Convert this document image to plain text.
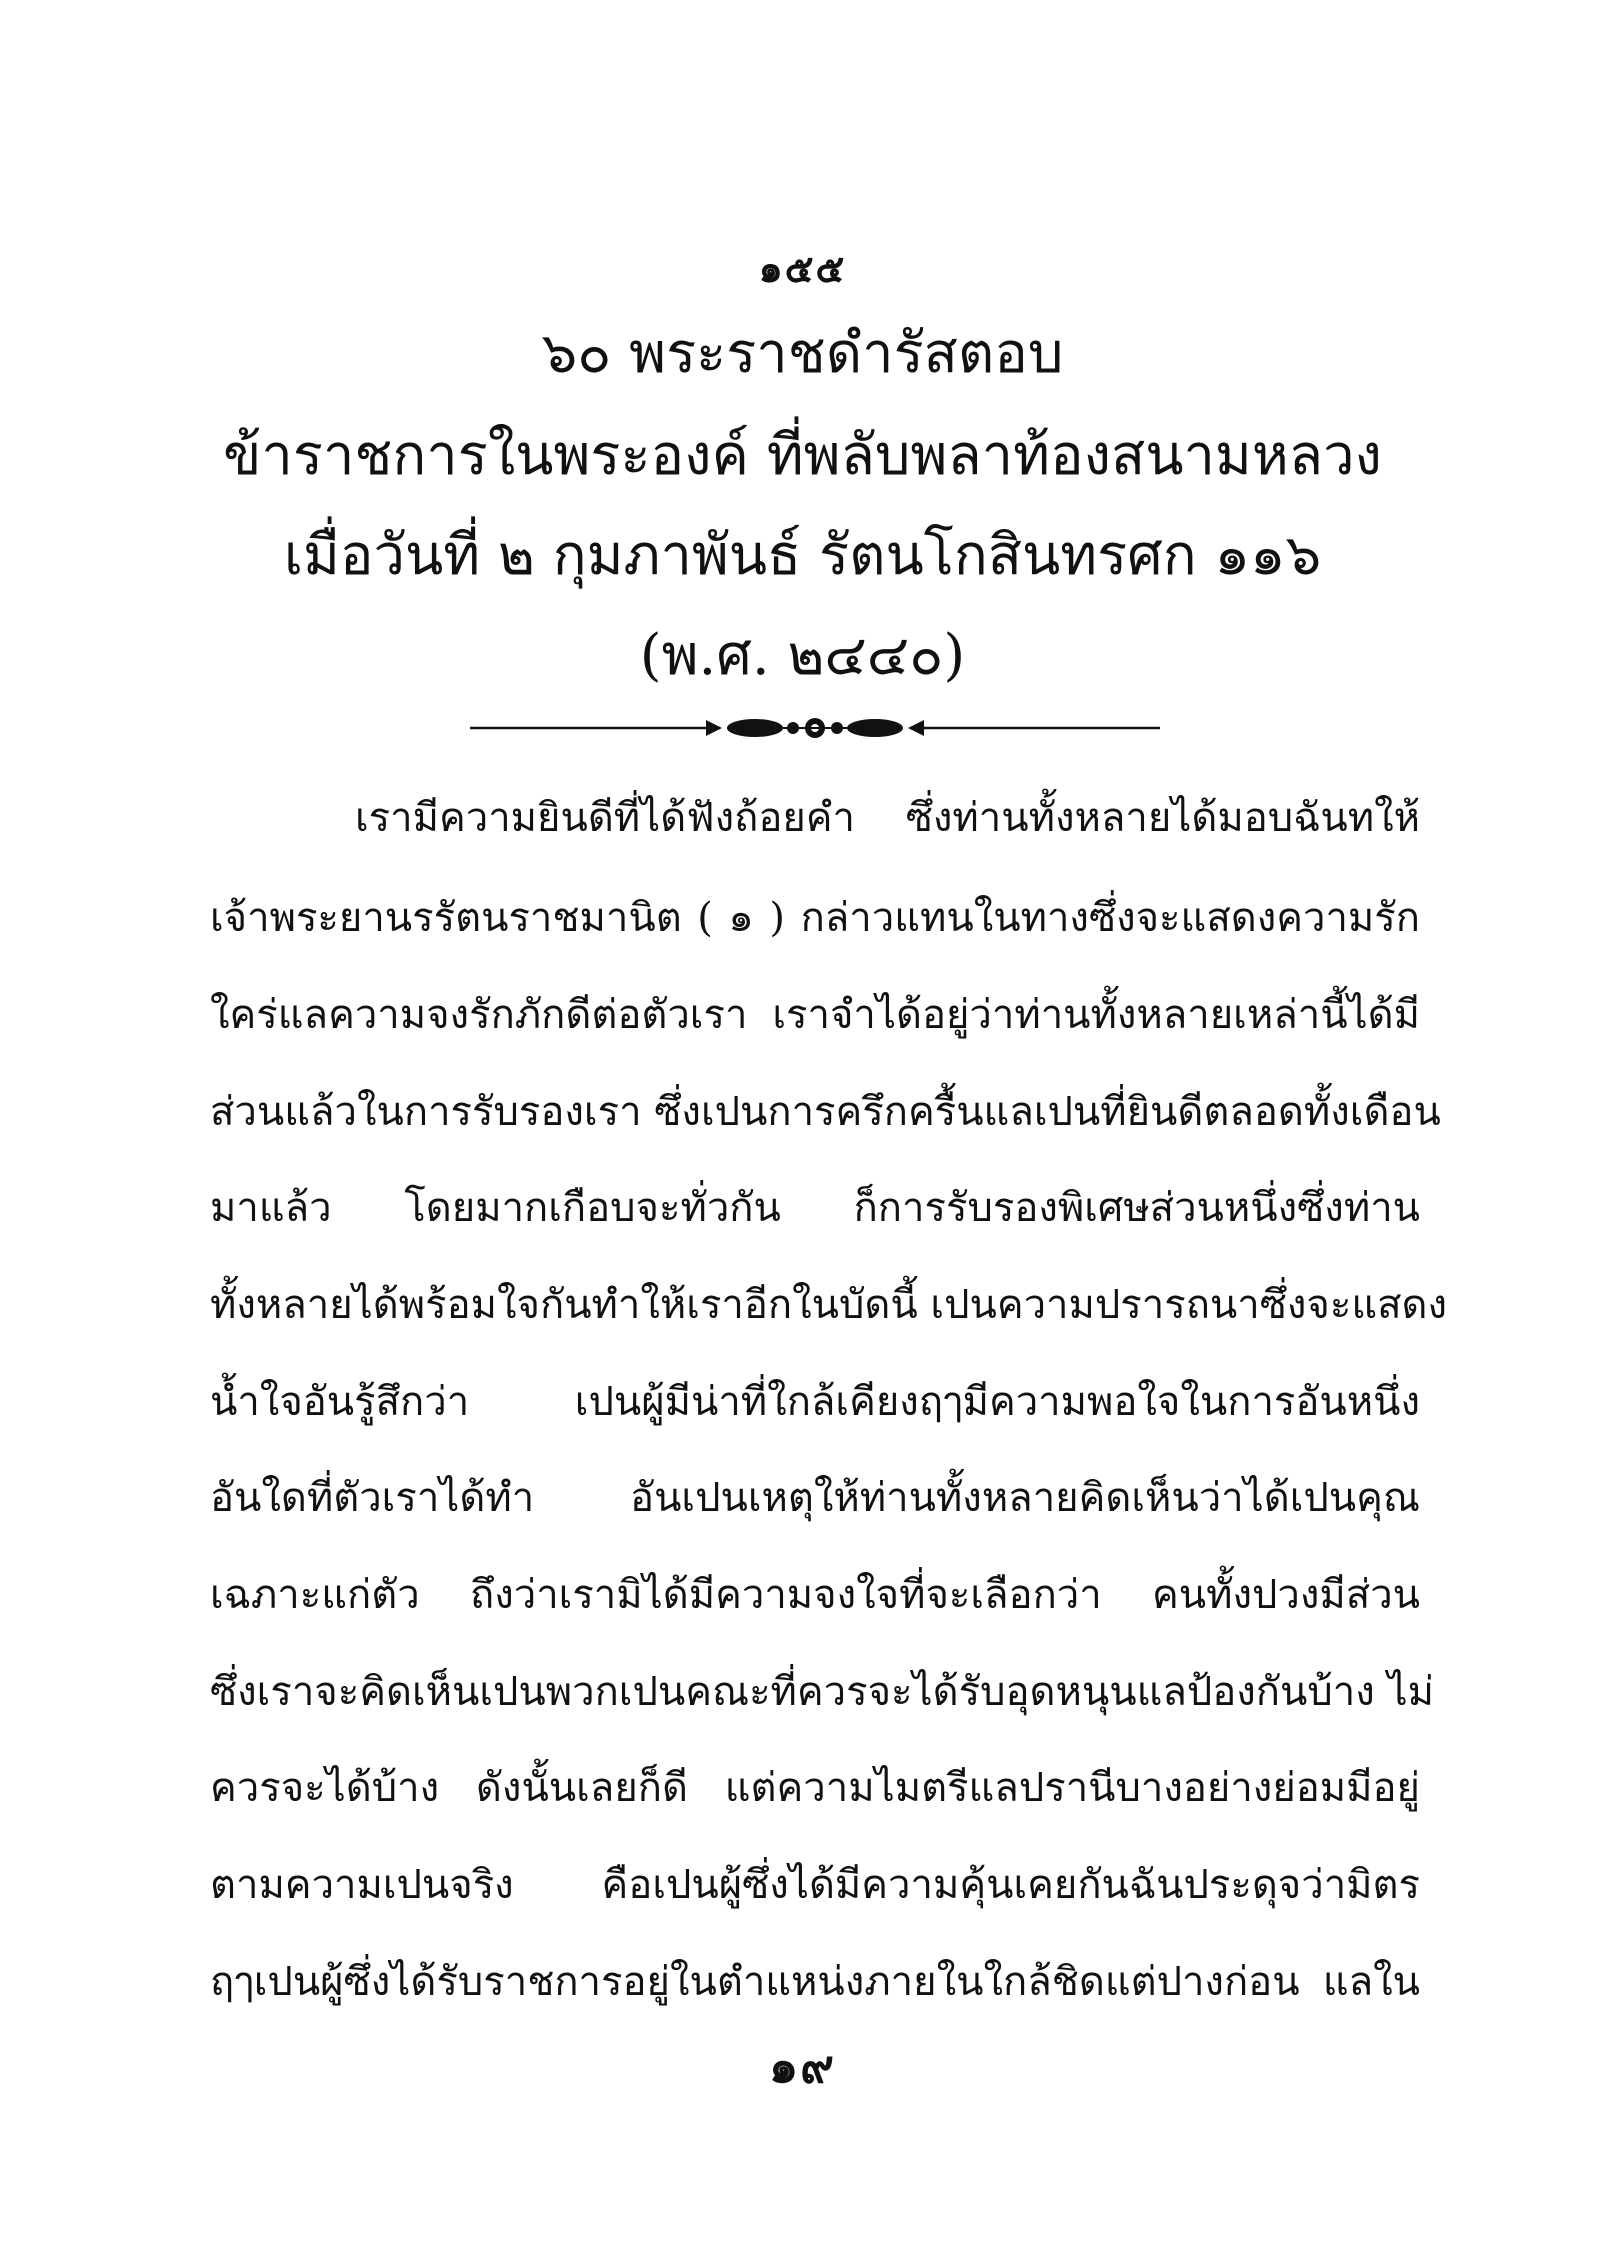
๑๕๕
๖๐ พระราชดำรัสตอบ
ข้าราชการในพระองค์ ที่พลับพลาท้องสนามหลวง
เมื่อวันที่ ๒ กุมภาพันธ์ รัตนโกสินทรศก ๑๑๖
(พ.ศ. ๒๔๔๐)
เรามีความยินดีที่ได้ฟังถ้อยคำ ซึ่งท่านทั้งหลายได้มอบฉันทให้
เจ้าพระยานรรัตนราชมานิต ( ๑ ) กล่าวแทนในทางซึ่งจะแสดงความรัก
ใคร่แลความจงรักภักดีต่อตัวเรา เราจำได้อยู่ว่าท่านทั้งหลายเหล่านี้ได้มี
ส่วนแล้วในการรับรองเรา ซึ่งเปนการครึกครื้นแลเปนที่ยินดีตลอดทั้งเดือน
มาแล้ว โดยมากเกือบจะทั่วกัน ก็การรับรองพิเศษส่วนหนึ่งซึ่งท่าน
ทั้งหลายได้พร้อมใจกันทำให้เราอีกในบัดนี้ เปนความปรารถนาซึ่งจะแสดง
น้ำใจอันรู้สึกว่า เปนผู้มีน่าที่ใกล้เคียงฤๅมีความพอใจในการอันหนึ่ง
อันใดที่ตัวเราได้ทำ อันเปนเหตุให้ท่านทั้งหลายคิดเห็นว่าได้เปนคุณ
เฉภาะแก่ตัว ถึงว่าเรามิได้มีความจงใจที่จะเลือกว่า คนทั้งปวงมีส่วน
ซึ่งเราจะคิดเห็นเปนพวกเปนคณะที่ควรจะได้รับอุดหนุนแลป้องกันบ้าง ไม่
ควรจะได้บ้าง ดังนั้นเลยก็ดี แต่ความไมตรีแลปรานีบางอย่างย่อมมีอยู่
ตามความเปนจริง คือเปนผู้ซึ่งได้มีความคุ้นเคยกันฉันประดุจว่ามิตร
ฤๅเปนผู้ซึ่งได้รับราชการอยู่ในตำแหน่งภายในใกล้ชิดแต่ปางก่อน แลใน
๑๙
